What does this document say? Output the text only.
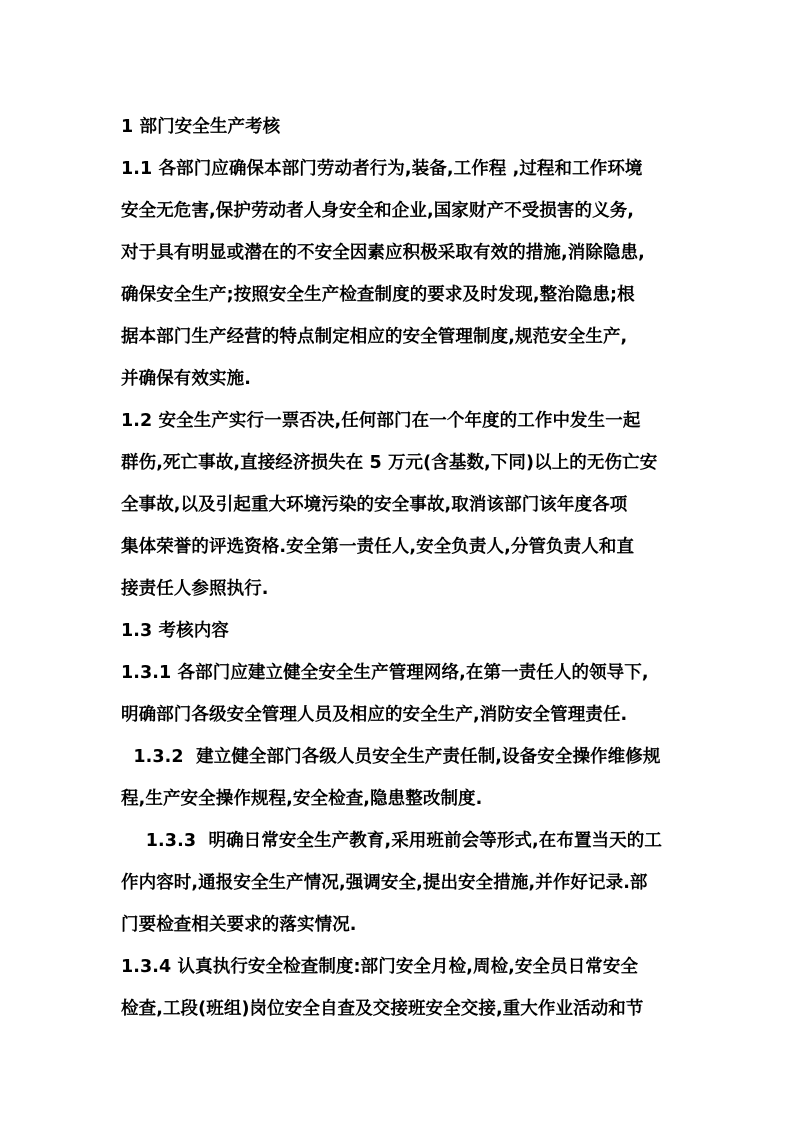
1 部门安全生产考核
1.1 各部门应确保本部门劳动者行为,装备,工作程 ,过程和工作环境
安全无危害,保护劳动者人身安全和企业,国家财产不受损害的义务,
对于具有明显或潜在的不安全因素应积极采取有效的措施,消除隐患,
确保安全生产;按照安全生产检查制度的要求及时发现,整治隐患;根
据本部门生产经营的特点制定相应的安全管理制度,规范安全生产,
并确保有效实施.
1.2 安全生产实行一票否决,任何部门在一个年度的工作中发生一起
群伤,死亡事故,直接经济损失在 5 万元(含基数,下同)以上的无伤亡安
全事故,以及引起重大环境污染的安全事故,取消该部门该年度各项
集体荣誉的评选资格.安全第一责任人,安全负责人,分管负责人和直
接责任人参照执行.
1.3 考核内容
1.3.1 各部门应建立健全安全生产管理网络,在第一责任人的领导下,
明确部门各级安全管理人员及相应的安全生产,消防安全管理责任.
1.3.2  建立健全部门各级人员安全生产责任制,设备安全操作维修规
程,生产安全操作规程,安全检查,隐患整改制度.
1.3.3  明确日常安全生产教育,采用班前会等形式,在布置当天的工
作内容时,通报安全生产情况,强调安全,提出安全措施,并作好记录.部
门要检查相关要求的落实情况.
1.3.4 认真执行安全检查制度:部门安全月检,周检,安全员日常安全
检查,工段(班组)岗位安全自查及交接班安全交接,重大作业活动和节
